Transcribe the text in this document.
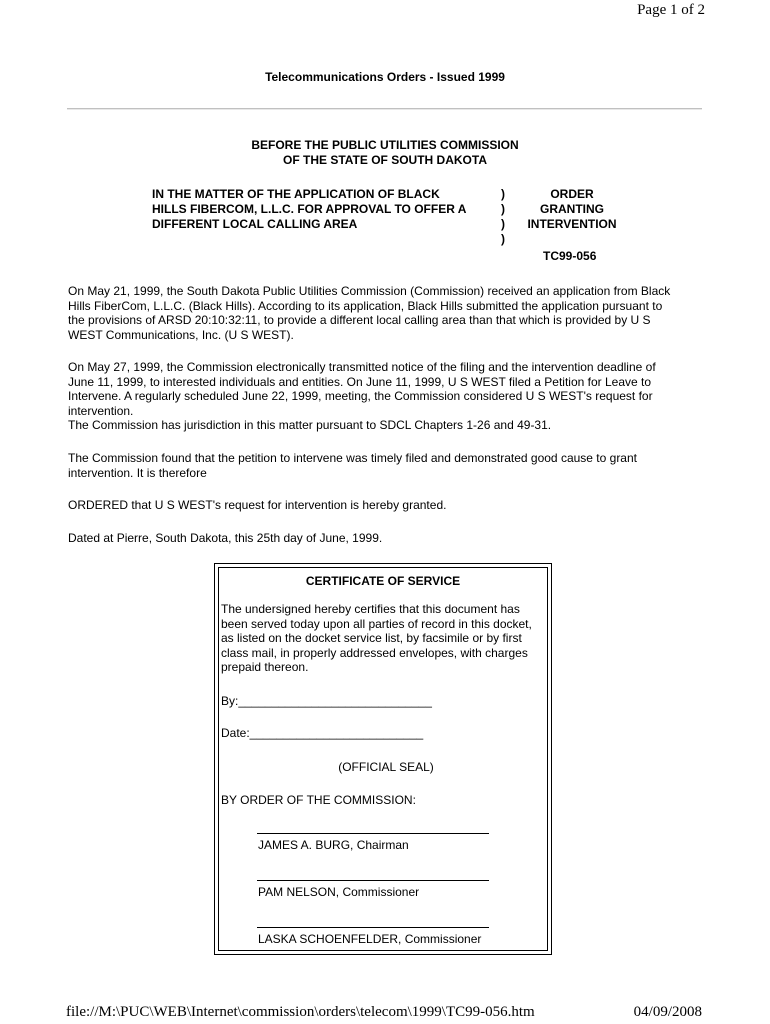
Page 1 of 2
Telecommunications Orders - Issued 1999
BEFORE THE PUBLIC UTILITIES COMMISSION
OF THE STATE OF SOUTH DAKOTA
IN THE MATTER OF THE APPLICATION OF BLACK
HILLS FIBERCOM, L.L.C. FOR APPROVAL TO OFFER A
DIFFERENT LOCAL CALLING AREA
)
)
)
)
ORDER
GRANTING
INTERVENTION
TC99-056
On May 21, 1999, the South Dakota Public Utilities Commission (Commission) received an application from Black
Hills FiberCom, L.L.C. (Black Hills). According to its application, Black Hills submitted the application pursuant to
the provisions of ARSD 20:10:32:11, to provide a different local calling area than that which is provided by U S
WEST Communications, Inc. (U S WEST).
On May 27, 1999, the Commission electronically transmitted notice of the filing and the intervention deadline of
June 11, 1999, to interested individuals and entities. On June 11, 1999, U S WEST filed a Petition for Leave to
Intervene. A regularly scheduled June 22, 1999, meeting, the Commission considered U S WEST's request for
intervention.
The Commission has jurisdiction in this matter pursuant to SDCL Chapters 1-26 and 49-31.
The Commission found that the petition to intervene was timely filed and demonstrated good cause to grant
intervention. It is therefore
ORDERED that U S WEST's request for intervention is hereby granted.
Dated at Pierre, South Dakota, this 25th day of June, 1999.
CERTIFICATE OF SERVICE
The undersigned hereby certifies that this document has
been served today upon all parties of record in this docket,
as listed on the docket service list, by facsimile or by first
class mail, in properly addressed envelopes, with charges
prepaid thereon.
By:_____________________________
Date:__________________________
(OFFICIAL SEAL)
BY ORDER OF THE COMMISSION:
JAMES A. BURG, Chairman
PAM NELSON, Commissioner
LASKA SCHOENFELDER, Commissioner
file://M:\PUC\WEB\Internet\commission\orders\telecom\1999\TC99-056.htm	04/09/2008
